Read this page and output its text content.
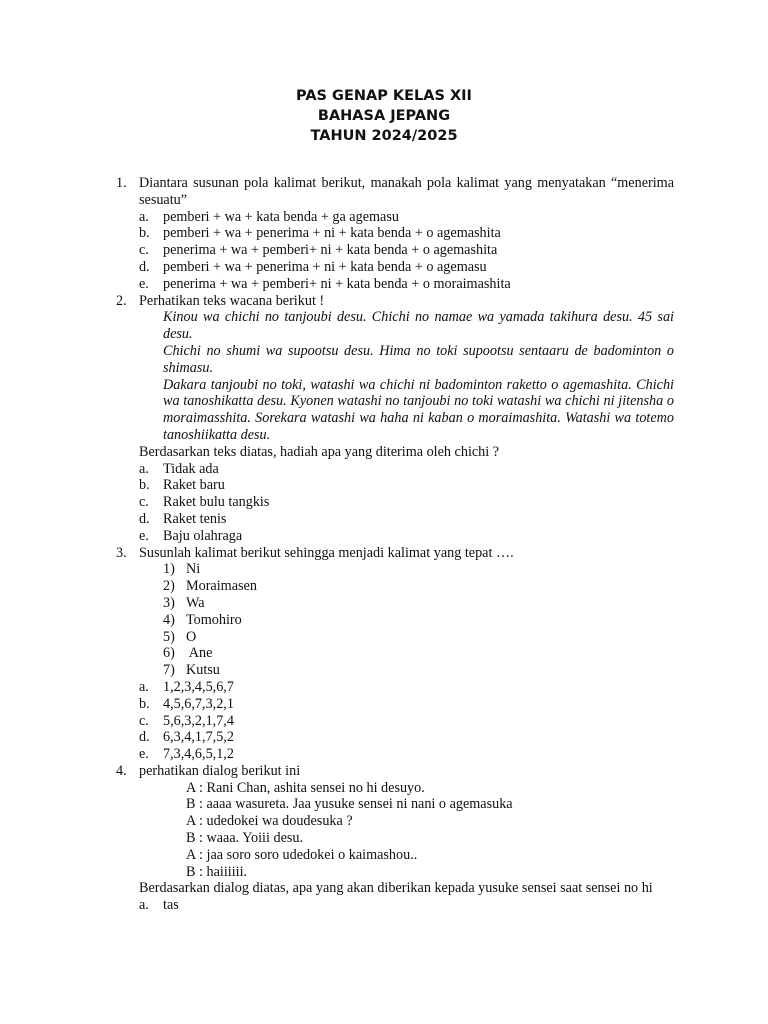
PAS GENAP KELAS XII
BAHASA JEPANG
TAHUN 2024/2025
1. Diantara susunan pola kalimat berikut, manakah pola kalimat yang menyatakan “menerima sesuatu”
a. pemberi + wa + kata benda + ga agemasu
b. pemberi + wa + penerima + ni + kata benda + o agemashita
c. penerima + wa + pemberi+ ni + kata benda + o agemashita
d. pemberi + wa + penerima + ni + kata benda + o agemasu
e. penerima + wa + pemberi+ ni + kata benda + o moraimashita
2. Perhatikan teks wacana berikut !
Kinou wa chichi no tanjoubi desu. Chichi no namae wa yamada takihura desu. 45 sai desu.
Chichi no shumi wa supootsu desu. Hima no toki supootsu sentaaru de badominton o shimasu.
Dakara tanjoubi no toki, watashi wa chichi ni badominton raketto o agemashita. Chichi wa tanoshikatta desu. Kyonen watashi no tanjoubi no toki watashi wa chichi ni jitensha o moraimasshita. Sorekara watashi wa haha ni kaban o moraimashita. Watashi wa totemo tanoshiikatta desu.
Berdasarkan teks diatas, hadiah apa yang diterima oleh chichi ?
a. Tidak ada
b. Raket baru
c. Raket bulu tangkis
d. Raket tenis
e. Baju olahraga
3. Susunlah kalimat berikut sehingga menjadi kalimat yang tepat ….
1) Ni
2) Moraimasen
3) Wa
4) Tomohiro
5) O
6) Ane
7) Kutsu
a. 1,2,3,4,5,6,7
b. 4,5,6,7,3,2,1
c. 5,6,3,2,1,7,4
d. 6,3,4,1,7,5,2
e. 7,3,4,6,5,1,2
4. perhatikan dialog berikut ini
A : Rani Chan, ashita sensei no hi desuyo.
B : aaaa wasureta. Jaa yusuke sensei ni nani o agemasuka
A : udedokei wa doudesuka ?
B : waaa. Yoiii desu.
A : jaa soro soro udedokei o kaimashou..
B : haiiiiii.
Berdasarkan dialog diatas, apa yang akan diberikan kepada yusuke sensei saat sensei no hi
a. tas
